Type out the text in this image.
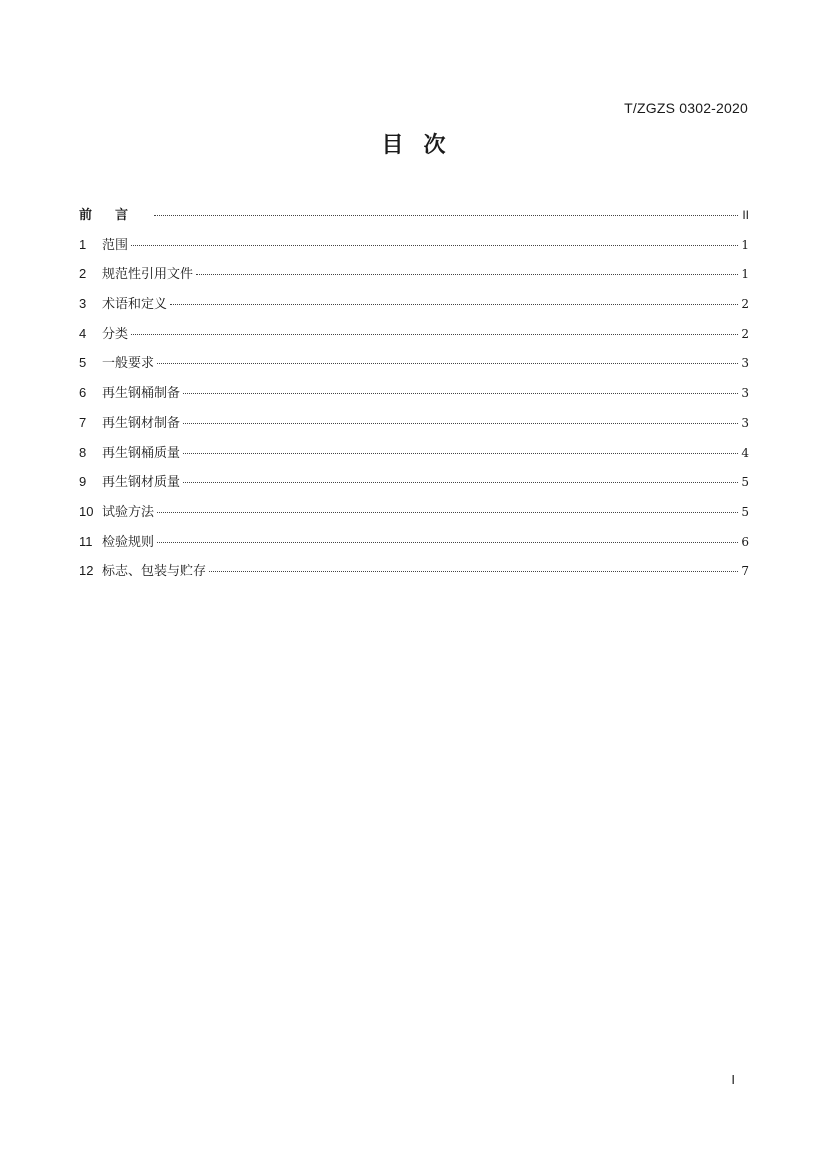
T/ZGZS 0302-2020
目次
前言	II
1	范围	1
2	规范性引用文件	1
3	术语和定义	2
4	分类	2
5	一般要求	3
6	再生钢桶制备	3
7	再生钢材制备	3
8	再生钢桶质量	4
9	再生钢材质量	5
10 试验方法	5
11 检验规则	6
12 标志、包装与贮存	7
I
